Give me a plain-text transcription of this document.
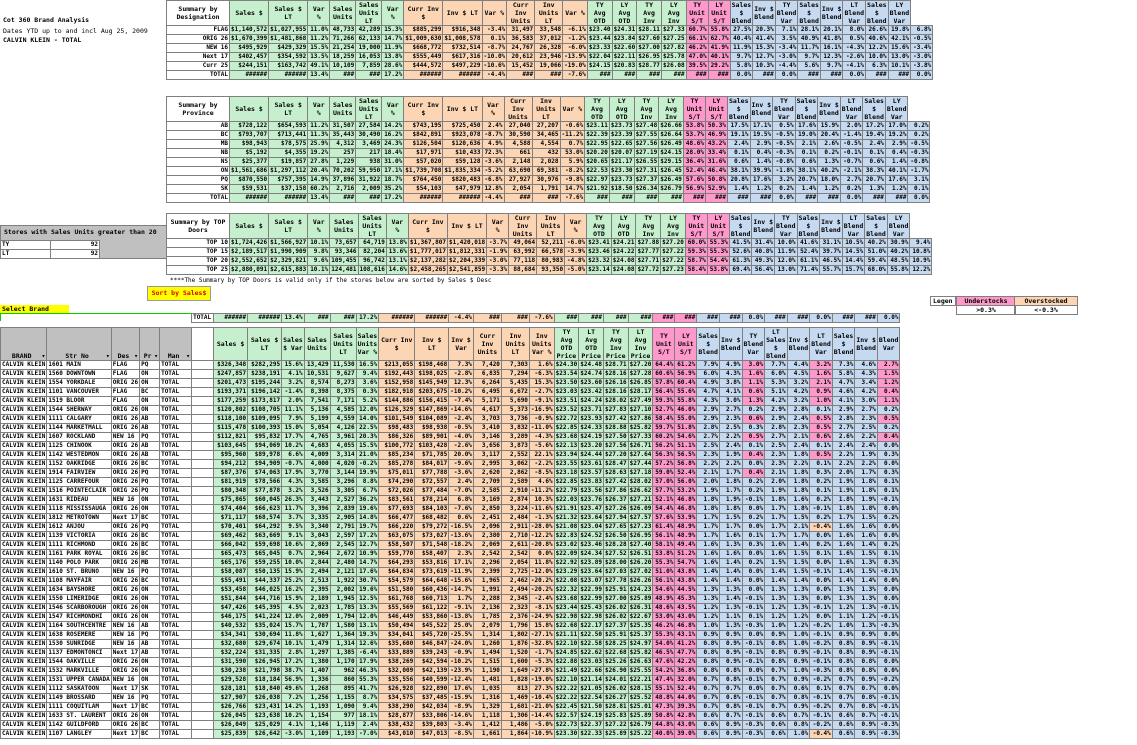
Cot 360 Brand Analysis
Dates YTD up to and incl Aug 25, 2009
CALVIN KLEIN - TOTAL
Stores with Sales Units greater than 20
TY	92
LT	92
Summary by Designation	Sales $	Sales $ LT	Var %	Sales Units	Sales Units LT	Var %	Curr Inv $	Inv $ LT	Var %	Curr Inv Units	Inv Units LT	Var %	TY Avg OTD	LY Avg OTD	TY Avg Inv	LY Avg Inv	TY Unit S/T	LY Unit S/T	Sales $ Blend	Inv $ Blend	TY Blend Var	Sales $ Blend	Inv $ Blend	LT Blend Var	Sales $ Blend	LY Blend Var	
FLAG	$1,140,572	$1,027,955	11.0%	48,733	42,289	15.3%	$885,299	$916,348	-3.4%	31,497	33,548	-6.1%	$23.40	$24.31	$28.11	$27.33	60.7%	55.8%	27.5%	20.3%	7.1%	28.1%	20.1%	8.0%	26.6%	19.8%	6.8%
ORIG 26	$1,670,399	$1,481,868	11.2%	71,266	62,133	14.7%	$1,009,630	$1,008,578	0.1%	36,583	37,012	-1.2%	$23.44	$23.84	$27.60	$27.25	66.1%	62.7%	40.4%	41.4%	3.5%	40.9%	41.8%	0.5%	40.6%	42.1%	-0.5%
NEW 16	$495,929	$429,329	15.5%	21,254	19,000	11.9%	$668,772	$732,514	-8.7%	24,767	26,328	-6.0%	$23.33	$22.60	$27.00	$27.82	46.2%	41.9%	11.9%	15.3%	-3.4%	11.7%	16.1%	-4.3%	12.2%	15.6%	-3.4%
Next 17	$402,457	$354,592	13.5%	18,259	16,053	13.8%	$555,449	$617,316	-10.0%	20,612	23,946	-13.9%	$22.04	$22.11	$26.95	$25.78	47.0%	40.1%	9.7%	12.7%	-3.0%	9.7%	12.3%	-2.6%	10.0%	13.0%	-3.0%
Curr 25	$244,151	$163,742	49.1%	10,109	7,859	28.6%	$444,572	$497,229	-10.6%	15,452	19,066	-19.0%	$24.15	$20.83	$28.77	$26.08	39.5%	29.2%	5.8%	10.3%	-4.4%	5.6%	9.7%	-4.1%	6.3%	10.1%	-3.8%
TOTAL	######	######	13.4%	###	###	17.2%	######	######	-4.4%	###	###	-7.6%	###	###	###	###	###	###	0.0%	###	0.0%	###	###	0.0%	###	###	0.0%
Summary by Province	Sales $	Sales $ LT	Var %	Sales Units	Sales Units LT	Var %	Curr Inv $	Inv $ LT	Var %	Curr Inv Units	Inv Units LT	Var %	TY Avg OTD	LY Avg OTD	TY Avg Inv	LY Avg Inv	TY Unit S/T	LY Unit S/T	Sales $ Blend	Inv $ Blend	TY Blend Var	Sales $ Blend	Inv $ Blend	LT Blend Var	Sales $ Blend	LY Blend Var	
AB	$728,122	$654,593	11.2%	31,507	27,584	14.2%	$743,195	$725,450	2.4%	27,040	27,207	-0.6%	$23.11	$23.73	$27.48	$26.66	53.8%	50.3%	17.5%	17.1%	0.5%	17.6%	15.9%	2.0%	17.2%	17.0%	0.2%
BC	$793,707	$713,441	11.3%	35,443	30,490	16.2%	$842,891	$923,078	-8.7%	30,590	34,465	-11.2%	$22.39	$23.39	$27.55	$26.64	53.7%	46.9%	19.1%	19.5%	-0.5%	19.0%	20.4%	-1.4%	19.4%	19.2%	0.2%
MB	$98,943	$78,575	25.9%	4,312	3,469	24.3%	$126,504	$120,636	4.9%	4,588	4,554	0.7%	$22.95	$22.65	$27.56	$26.49	48.6%	43.2%	2.4%	2.9%	-0.5%	2.1%	2.6%	-0.5%	2.4%	2.9%	-0.5%
NB	$5,192	$4,355	19.2%	257	217	18.4%	$17,971	$10,433	72.3%	661	432	53.0%	$20.20	$20.07	$27.19	$24.15	28.0%	33.4%	0.1%	0.4%	-0.3%	0.1%	0.2%	-0.1%	0.1%	0.4%	-0.3%
NS	$25,377	$19,857	27.8%	1,229	938	31.0%	$57,020	$59,128	-3.6%	2,148	2,028	5.9%	$20.65	$21.17	$26.55	$29.15	36.4%	31.6%	0.6%	1.4%	-0.8%	0.6%	1.3%	-0.7%	0.6%	1.4%	-0.8%
ON	$1,561,686	$1,297,112	20.4%	70,202	59,950	17.1%	$1,739,708	$1,835,334	-5.2%	63,690	69,381	-8.2%	$22.53	$23.30	$27.31	$26.45	52.4%	46.4%	38.1%	39.9%	-1.8%	38.1%	40.2%	-2.1%	38.3%	40.1%	-1.7%
PQ	$870,550	$757,395	14.9%	37,896	31,922	18.7%	$764,450	$820,483	-6.8%	27,927	30,976	-9.8%	$22.97	$23.73	$27.37	$26.49	57.6%	50.8%	20.8%	17.6%	3.2%	20.7%	18.0%	2.7%	20.7%	17.6%	3.1%
SK	$59,531	$37,158	60.2%	2,716	2,009	35.2%	$54,103	$47,979	12.8%	2,054	1,791	14.7%	$21.92	$18.50	$26.34	$26.79	56.9%	52.9%	1.4%	1.2%	0.2%	1.4%	1.2%	0.2%	1.3%	1.2%	0.1%
TOTAL	######	######	13.4%	###	###	17.2%	######	######	-4.4%	###	###	-7.6%	###	###	###	###	###	###	###	###	0.0%	###	###	0.0%	###	###	0.0%
Summary by TOP Doors	Sales $	Sales $ LT	Var %	Sales Units	Sales Units LT	Var %	Curr Inv $	Inv $ LT	Var %	Curr Inv Units	Inv Units LT	Var %	TY Avg OTD	LY Avg OTD	TY Avg Inv	LY Avg Inv	TY Unit S/T	LY Unit S/T	Sales $ Blend	Inv $ Blend	TY Blend Var	Sales $ Blend	Inv $ Blend	LT Blend Var	Sales $ Blend	LY Blend Var	
TOP 10	$1,724,426	$1,566,927	10.1%	73,657	64,719	13.8%	$1,367,807	$1,420,018	-3.7%	49,064	52,211	-6.0%	$23.41	$24.21	$27.88	$27.20	60.0%	55.3%	41.5%	31.4%	10.0%	41.6%	31.1%	10.5%	40.2%	30.9%	9.4%
TOP 15	$2,189,517	$1,990,909	9.8%	93,346	82,204	13.6%	$1,777,017	$1,812,331	-1.9%	63,992	66,578	-3.9%	$23.46	$24.22	$27.77	$27.22	59.3%	55.3%	52.6%	40.8%	11.9%	52.4%	39.7%	14.5%	51.0%	40.2%	10.8%
TOP 20	$2,552,652	$2,329,821	9.6%	109,455	96,742	13.1%	$2,137,282	$2,204,339	-3.0%	77,118	80,983	-4.8%	$23.32	$24.08	$27.71	$27.22	58.7%	54.4%	61.3%	49.3%	12.0%	61.1%	46.5%	14.4%	59.4%	48.5%	10.9%
TOP 25	$2,880,091	$2,615,883	10.1%	124,481	108,616	14.6%	$2,458,265	$2,541,859	-3.3%	88,684	93,350	-5.0%	$23.14	$24.08	$27.72	$27.23	58.4%	53.8%	69.4%	56.4%	13.0%	71.4%	55.7%	15.7%	68.0%	55.8%	12.2%
****The Summary by TOP Doors is valid only if the stores below are sorted by Sales $ Desc
Sort by Sales$
Legen	Understocks
>0.3%
Overstocked
<-0.3%
Select Brand
					TOTAL	######	######	13.4%	###	###	17.2%	######	######	-4.4%	###	###	-7.6%	###	###	###	###	###	###	###	###	0.0%	###	###	0.0%	###	###	0.0%

BRAND ▾	Str No ▾	Des ▾	Pr ▾	Man ▾		Sales $	Sales $ LT	Sales $ Var	Sales Units	Sales Units LT	Sales Units Var %	Curr Inv $	Inv $ LT	Inv $ Var	Curr Inv Units	Inv Units LT	Inv Units Var %	TY Avg OTD Price	LT Avg OTD Price	TY Avg Inv Price	LT Avg Inv Price	TY Unit S/T	LY Unit S/T	Sales $ Blend	Inv $ Blend	TY Blend Var	LT Sales $ Blend	Inv $ Blend	LT Blend Var	Sales $ Blend	Inv $ Blend	Blend Var
CALVIN KLEIN	1601 MAIN	FLAG	PQ	TOTAL		$326,348	$282,295	15.6%	13,429	11,530	16.5%	$213,055	$198,468	7.3%	7,420	7,303	1.6%	$24.30	$24.48	$28.71	$27.20	64.4%	61.2%	7.9%	4.9%	3.0%	7.7%	4.4%	3.2%	7.3%	4.6%	2.7%
CALVIN KLEIN	1560 DOWNTOWN	FLAG	ON	TOTAL		$247,857	$238,191	4.1%	10,531	9,627	9.4%	$192,443	$198,025	-2.8%	6,835	7,294	-6.3%	$23.54	$24.74	$28.16	$27.28	60.6%	56.9%	6.0%	4.3%	1.6%	6.0%	4.5%	1.6%	5.8%	4.3%	1.5%
CALVIN KLEIN	1554 YORKDALE	ORIG 26	ON	TOTAL		$201,473	$195,244	3.2%	8,574	8,273	3.6%	$152,958	$145,949	12.3%	6,264	5,435	15.3%	$23.50	$23.60	$26.16	$26.85	57.8%	60.4%	4.9%	3.8%	1.1%	5.3%	3.2%	2.1%	4.7%	3.4%	1.2%
CALVIN KLEIN	1101 VANCOUVER	FLAG	BC	TOTAL		$193,371	$196,142	-1.4%	8,398	8,375	0.3%	$182,918	$203,675	-10.2%	6,495	6,672	-2.7%	$23.03	$23.42	$28.16	$28.17	56.4%	55.6%	4.7%	4.1%	0.6%	5.1%	4.2%	0.9%	4.6%	4.2%	0.4%
CALVIN KLEIN	1519 BLOOR	FLAG	ON	TOTAL		$177,259	$173,817	2.0%	7,541	7,171	5.2%	$144,886	$156,415	-7.4%	5,171	5,690	-9.1%	$23.51	$24.24	$28.02	$27.49	59.3%	55.8%	4.3%	3.0%	1.3%	4.2%	3.2%	1.0%	4.1%	3.0%	1.1%
CALVIN KLEIN	1544 SHERWAY	ORIG 26	ON	TOTAL		$120,802	$108,705	11.1%	5,136	4,585	12.0%	$126,329	$147,869	-14.6%	4,617	5,373	-16.9%	$23.52	$23.71	$27.83	$27.10	52.7%	46.0%	2.9%	2.7%	0.2%	2.9%	2.8%	0.1%	2.9%	2.7%	0.2%
CALVIN KLEIN	1111 CALGARY	ORIG 26	AB	TOTAL		$118,100	$109,095	7.9%	5,199	4,559	14.0%	$101,549	$104,089	-2.4%	3,703	3,736	-0.9%	$22.72	$23.93	$27.42	$27.86	58.4%	55.0%	2.9%	2.3%	0.6%	2.9%	2.4%	0.5%	2.8%	2.3%	0.5%
CALVIN KLEIN	1144 MARKETMALL	ORIG 26	AB	TOTAL		$115,478	$100,393	15.0%	5,054	4,126	22.5%	$98,483	$98,938	-0.5%	3,410	3,832	-11.0%	$22.85	$24.33	$28.88	$25.82	59.7%	51.8%	2.8%	2.5%	0.3%	2.8%	2.3%	0.5%	2.7%	2.5%	0.2%
CALVIN KLEIN	1607 ROCKLAND	NEW 16	PQ	TOTAL		$112,821	$95,832	17.7%	4,765	3,961	20.3%	$86,326	$89,901	-4.0%	3,146	3,289	-4.3%	$23.68	$24.19	$27.50	$27.33	60.2%	54.6%	2.7%	2.2%	0.5%	2.7%	2.1%	0.6%	2.6%	2.2%	0.4%
CALVIN KLEIN	1125 CHINOOK	ORIG 26	AB	TOTAL		$103,645	$94,069	10.2%	4,683	4,055	15.5%	$100,772	$103,428	-2.6%	3,656	3,873	-5.6%	$22.13	$23.20	$27.56	$26.71	56.2%	51.1%	2.5%	2.4%	0.1%	2.5%	2.4%	0.1%	2.4%	2.4%	0.0%
CALVIN KLEIN	1142 WESTEDMON	ORIG 26	AB	TOTAL		$95,960	$89,978	6.6%	4,009	3,314	21.0%	$85,234	$71,785	20.0%	3,117	2,552	22.1%	$23.94	$24.44	$27.20	$27.64	56.3%	56.5%	2.3%	1.9%	0.4%	2.3%	1.8%	0.5%	2.2%	1.9%	0.3%
CALVIN KLEIN	1152 OAKRIDGE	ORIG 26	BC	TOTAL		$94,212	$94,909	-0.7%	4,000	4,020	-0.2%	$85,278	$84,017	-9.6%	2,995	3,062	-2.2%	$23.55	$23.61	$28.47	$27.44	57.2%	56.8%	2.2%	2.2%	0.0%	2.3%	2.2%	0.1%	2.2%	2.2%	0.0%
CALVIN KLEIN	1914 FAIRVIEW	ORIG 26	PQ	TOTAL		$87,376	$74,063	17.9%	3,770	3,144	19.9%	$75,011	$77,788	-3.6%	2,620	2,862	-8.5%	$23.18	$23.57	$28.63	$27.18	59.0%	52.4%	2.1%	1.7%	0.4%	2.1%	1.8%	0.3%	2.0%	1.7%	0.3%
CALVIN KLEIN	1125 CARREFOUR	ORIG 26	PQ	TOTAL		$81,919	$78,566	4.3%	3,585	3,296	8.8%	$74,290	$72,557	2.4%	2,709	2,589	4.6%	$22.85	$23.83	$27.42	$28.02	57.0%	56.0%	2.0%	1.8%	0.2%	2.0%	1.8%	0.2%	1.9%	1.8%	0.1%
CALVIN KLEIN	1516 POINTECLAIR	ORIG 26	PQ	TOTAL		$80,348	$77,878	3.2%	3,526	3,305	6.7%	$72,026	$77,484	-7.0%	2,585	2,910	-11.2%	$22.79	$23.56	$27.86	$26.62	57.7%	53.2%	1.9%	1.7%	0.2%	1.9%	1.8%	0.1%	1.9%	1.8%	0.1%
CALVIN KLEIN	1631 RIDEAU	NEW 16	ON	TOTAL		$75,865	$60,045	26.3%	3,443	2,527	36.2%	$83,561	$78,214	6.8%	3,169	2,874	10.3%	$22.03	$23.76	$26.37	$27.21	52.1%	46.8%	1.8%	1.9%	-0.1%	1.8%	1.6%	0.2%	1.8%	1.9%	-0.1%
CALVIN KLEIN	1118 MISSISSAUGA	ORIG 26	ON	TOTAL		$74,404	$66,623	11.7%	3,396	2,839	19.6%	$77,693	$84,103	-7.6%	2,850	3,224	-11.6%	$21.91	$23.47	$27.26	$26.09	54.4%	46.8%	1.8%	1.8%	0.0%	1.7%	1.8%	-0.1%	1.8%	1.8%	0.0%
CALVIN KLEIN	1812 METROTOWN	Next 17	BC	TOTAL		$71,117	$68,574	3.7%	3,335	2,905	14.8%	$66,477	$68,482	0.6%	2,451	2,484	-1.3%	$21.32	$23.64	$27.94	$27.57	57.6%	53.9%	1.7%	1.5%	0.2%	1.7%	1.5%	0.2%	1.7%	1.5%	0.2%
CALVIN KLEIN	1612 ANJOU	ORIG 26	PQ	TOTAL		$70,401	$64,292	9.5%	3,340	2,791	19.7%	$66,220	$79,272	-16.5%	2,096	2,911	-28.0%	$21.08	$23.04	$27.65	$27.23	61.4%	48.9%	1.7%	1.7%	0.0%	1.7%	2.1%	-0.4%	1.6%	1.6%	0.0%
CALVIN KLEIN	1139 VICTORIA	ORIG 26	BC	TOTAL		$69,462	$63,669	9.1%	3,043	2,597	17.2%	$63,075	$73,027	-13.6%	2,380	2,710	-12.2%	$22.83	$24.52	$26.50	$26.95	56.1%	48.9%	1.7%	1.6%	0.1%	1.7%	1.7%	0.0%	1.6%	1.6%	0.0%
CALVIN KLEIN	1111 RICHMOND	ORIG 26	BC	TOTAL		$66,042	$59,698	10.6%	2,869	2,545	12.7%	$58,507	$71,548	-18.2%	2,069	2,611	-20.8%	$23.02	$23.46	$28.28	$27.40	58.1%	49.4%	1.6%	1.3%	0.3%	1.6%	1.4%	0.2%	1.6%	1.4%	0.2%
CALVIN KLEIN	1161 PARK ROYAL	ORIG 26	BC	TOTAL		$65,473	$65,045	0.7%	2,964	2,672	10.9%	$59,770	$58,407	2.3%	2,542	2,542	0.0%	$22.09	$24.34	$27.52	$26.51	53.8%	51.2%	1.6%	1.6%	0.0%	1.6%	1.5%	0.1%	1.6%	1.5%	0.1%
CALVIN KLEIN	1140 POLO PARK	ORIG 26	MB	TOTAL		$65,176	$59,255	10.0%	2,844	2,480	14.7%	$64,293	$53,816	17.1%	2,296	2,054	11.8%	$22.92	$23.89	$28.00	$26.20	55.3%	54.7%	1.6%	1.4%	0.2%	1.5%	1.5%	0.0%	1.6%	1.3%	0.3%
CALVIN KLEIN	1610 ST. BRUNO	NEW 16	PQ	TOTAL		$58,087	$50,135	15.9%	2,494	2,121	17.6%	$64,834	$73,619	-11.9%	2,399	2,725	-12.0%	$23.29	$23.64	$27.03	$27.02	51.0%	43.8%	1.4%	1.4%	0.0%	1.4%	1.5%	-0.1%	1.4%	1.5%	-0.1%
CALVIN KLEIN	1108 MAYFAIR	ORIG 26	BC	TOTAL		$55,491	$44,337	25.2%	2,513	1,922	30.7%	$54,579	$64,648	-15.6%	1,965	2,462	-20.2%	$22.08	$23.07	$27.78	$26.26	56.1%	43.8%	1.4%	1.4%	0.0%	1.4%	1.4%	0.0%	1.4%	1.4%	0.0%
CALVIN KLEIN	1634 BAYSHORE	ORIG 26	ON	TOTAL		$53,458	$46,025	16.2%	2,395	2,002	19.6%	$51,580	$60,436	-14.7%	1,991	2,494	-20.2%	$22.32	$22.99	$25.91	$24.23	54.6%	44.5%	1.3%	1.3%	0.0%	1.3%	1.3%	0.0%	1.3%	1.3%	0.0%
CALVIN KLEIN	1550 LIMERIDGE	ORIG 26	ON	TOTAL		$51,844	$44,716	15.9%	2,189	1,945	12.5%	$61,768	$60,713	1.7%	2,288	2,345	-2.4%	$23.68	$22.99	$27.00	$25.89	48.9%	45.3%	1.3%	1.4%	-0.1%	1.3%	1.3%	0.0%	1.3%	1.3%	0.0%
CALVIN KLEIN	1546 SCARBOROUGH	ORIG 26	ON	TOTAL		$47,426	$45,395	4.5%	2,023	1,785	13.3%	$55,569	$61,122	-9.1%	2,136	2,323	-8.1%	$23.44	$25.43	$26.02	$26.31	48.6%	43.5%	1.2%	1.3%	-0.1%	1.2%	1.3%	-0.1%	1.2%	1.3%	-0.1%
CALVIN KLEIN	1547 RICHMONDHI	ORIG 26	ON	TOTAL		$46,175	$41,224	12.0%	2,009	1,794	12.0%	$46,449	$53,860	-13.8%	1,785	2,376	-24.9%	$22.98	$22.98	$26.02	$22.67	53.0%	43.0%	1.2%	1.1%	0.1%	1.2%	1.2%	0.0%	1.1%	1.2%	-0.1%
CALVIN KLEIN	1164 SOUTHCENTRE	NEW 16	AB	TOTAL		$40,532	$35,024	15.7%	1,787	1,580	13.1%	$50,494	$45,522	25.0%	2,079	1,796	15.8%	$22.68	$22.17	$27.37	$25.35	46.2%	46.8%	1.0%	1.3%	-0.3%	1.0%	1.2%	-0.2%	1.0%	1.3%	-0.3%
CALVIN KLEIN	1638 ROSEMERE	NEW 16	PQ	TOTAL		$34,341	$30,694	11.8%	1,627	1,364	19.3%	$34,041	$45,720	-25.5%	1,314	1,802	-27.1%	$21.11	$22.50	$25.91	$25.37	55.3%	43.1%	0.9%	0.9%	0.0%	0.9%	1.0%	-0.1%	0.9%	0.9%	0.0%
CALVIN KLEIN	1530 SUNRIDGE	NEW 16	AB	TOTAL		$32,680	$29,674	10.1%	1,479	1,314	12.6%	$35,600	$46,847	-24.0%	1,260	1,876	-32.8%	$22.10	$22.58	$28.25	$24.97	54.0%	41.2%	0.8%	0.9%	-0.1%	0.8%	1.0%	-0.2%	0.8%	0.9%	-0.1%
CALVIN KLEIN	1137 EDMONTONCI	Next 17	AB	TOTAL		$32,224	$31,335	2.8%	1,297	1,385	-6.4%	$33,889	$39,243	-0.9%	1,494	1,520	-1.7%	$24.85	$22.62	$22.68	$25.82	46.5%	47.7%	0.8%	0.9%	-0.1%	0.8%	0.9%	-0.1%	0.8%	0.9%	-0.1%
CALVIN KLEIN	1544 OAKVILLE	ORIG 26	ON	TOTAL		$31,590	$26,945	17.2%	1,380	1,170	17.9%	$38,269	$42,594	-10.2%	1,515	1,600	-5.3%	$22.88	$23.03	$25.26	$26.63	47.6%	42.2%	0.8%	0.9%	-0.1%	0.8%	0.9%	-0.1%	0.8%	0.8%	0.0%
CALVIN KLEIN	1532 MARKVILLE	ORIG 26	ON	TOTAL		$30,238	$21,798	38.7%	1,407	962	46.3%	$32,009	$42,139	-23.9%	1,190	1,649	-27.8%	$21.49	$22.66	$26.90	$25.55	54.2%	36.8%	0.8%	0.8%	0.0%	0.7%	1.0%	-0.3%	0.8%	0.8%	0.0%
CALVIN KLEIN	1531 UPPER CANADA	NEW 16	ON	TOTAL		$29,528	$18,184	56.9%	1,336	860	55.3%	$35,556	$40,599	-12.4%	1,481	1,828	-19.0%	$22.10	$21.14	$24.01	$22.21	47.4%	32.0%	0.7%	0.8%	-0.1%	0.7%	0.9%	-0.2%	0.7%	0.9%	-0.2%
CALVIN KLEIN	1112 SASKATOON	Next 17	SK	TOTAL		$28,181	$18,840	49.6%	1,268	895	41.7%	$26,928	$22,890	17.6%	1,035	813	27.3%	$22.22	$21.05	$26.02	$28.15	55.1%	52.4%	0.7%	0.7%	0.0%	0.7%	0.6%	0.1%	0.7%	0.7%	0.0%
CALVIN KLEIN	1149 BROSSARD	NEW 16	PQ	TOTAL		$27,907	$26,038	7.2%	1,256	1,155	8.7%	$34,575	$37,485	-15.9%	1,316	1,469	-10.4%	$22.22	$22.54	$26.27	$25.52	48.8%	44.0%	0.7%	0.8%	-0.1%	0.7%	0.8%	-0.1%	0.7%	0.8%	-0.1%
CALVIN KLEIN	1111 COQUITLAM	Next 17	BC	TOTAL		$26,766	$23,431	14.2%	1,193	1,090	9.4%	$38,290	$42,034	-8.9%	1,329	1,681	-21.0%	$22.45	$21.50	$28.81	$25.01	47.3%	39.3%	0.7%	0.8%	-0.1%	0.7%	0.9%	-0.2%	0.7%	0.8%	-0.1%
CALVIN KLEIN	1633 ST. LAURENT	ORIG 26	ON	TOTAL		$26,045	$23,638	10.2%	1,154	977	18.1%	$28,877	$33,806	-14.6%	1,118	1,306	-14.4%	$22.57	$24.19	$25.83	$25.89	50.8%	42.8%	0.6%	0.7%	-0.1%	0.6%	0.7%	-0.1%	0.6%	0.7%	-0.1%
CALVIN KLEIN	1142 GUILDFORD	ORIG 26	BC	TOTAL		$26,049	$25,029	4.1%	1,146	1,119	2.4%	$38,432	$39,803	-3.4%	1,412	1,486	-5.0%	$22.73	$22.37	$27.22	$26.79	44.8%	43.0%	0.6%	0.9%	-0.3%	0.6%	0.8%	-0.2%	0.6%	0.9%	-0.3%
CALVIN KLEIN	1107 LANGLEY	Next 17	BC	TOTAL		$25,839	$26,642	-3.0%	1,109	1,193	-7.0%	$43,010	$47,013	-8.5%	1,661	1,864	-10.9%	$23.30	$22.33	$25.89	$25.22	40.0%	39.0%	0.6%	0.9%	-0.3%	0.6%	1.0%	-0.4%	0.6%	0.9%	-0.3%
